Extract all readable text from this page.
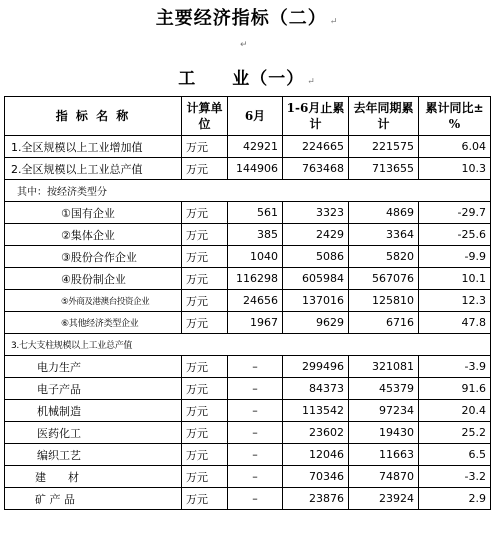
主要经济指标（二） ↵
↵
工　　业（一） ↵
指 标 名 称	计算单位	6月	1-6月止累计	去年同期累计	累计同比±%
1.全区规模以上工业增加值	万元	42921	224665	221575	6.04
2.全区规模以上工业总产值	万元	144906	763468	713655	10.3
其中：按经济类型分					
①国有企业	万元	561	3323	4869	-29.7
②集体企业	万元	385	2429	3364	-25.6
③股份合作企业	万元	1040	5086	5820	-9.9
④股份制企业	万元	116298	605984	567076	10.1
⑤外商及港澳台投资企业	万元	24656	137016	125810	12.3
⑥其他经济类型企业	万元	1967	9629	6716	47.8
3.七大支柱规模以上工业总产值					
电力生产	万元	–	299496	321081	-3.9
电子产品	万元	–	84373	45379	91.6
机械制造	万元	–	113542	97234	20.4
医药化工	万元	–	23602	19430	25.2
编织工艺	万元	–	12046	11663	6.5
建　　材	万元	–	70346	74870	-3.2
矿 产 品	万元	–	23876	23924	2.9
